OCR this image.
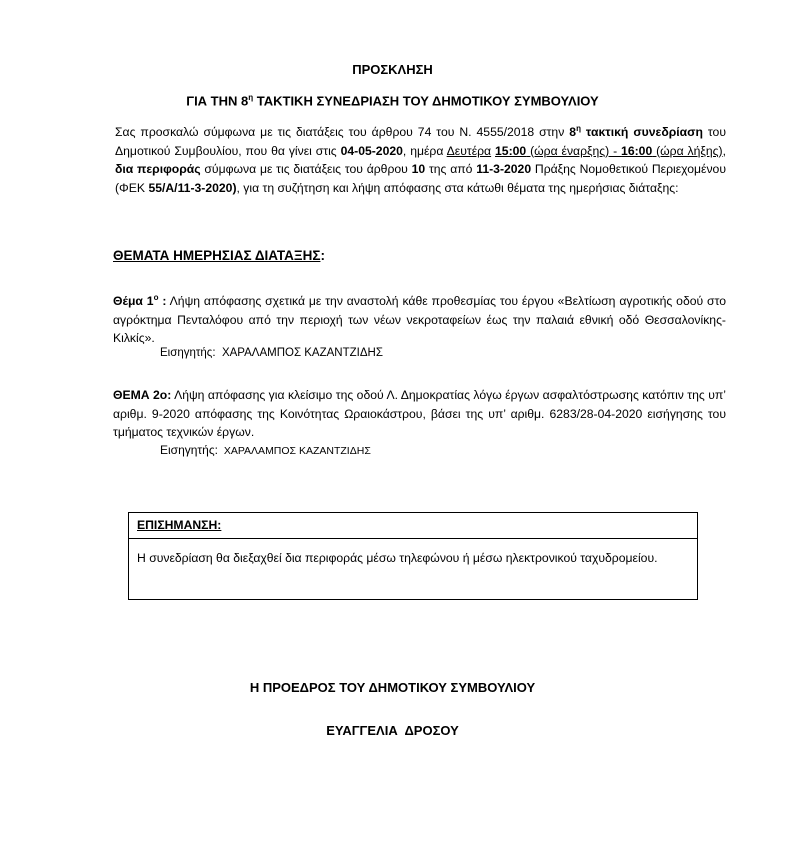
ΠΡΟΣΚΛΗΣΗ
ΓΙΑ ΤΗΝ $8^\eta$ ΤΑΚΤΙΚΗ ΣΥΝΕΔΡΙΑΣΗ ΤΟΥ ΔΗΜΟΤΙΚΟΥ ΣΥΜΒΟΥΛΙΟΥ
Σας προσκαλώ σύμφωνα με τις διατάξεις του άρθρου 74 του Ν. 4555/2018 στην $8^\eta$ τακτική συνεδρίαση του Δημοτικού Συμβουλίου, που θα γίνει στις 04-05-2020, ημέρα Δευτέρα 15:00 (ώρα έναρξης) - 16:00 (ώρα λήξης), δια περιφοράς σύμφωνα με τις διατάξεις του άρθρου 10 της από 11-3-2020 Πράξης Νομοθετικού Περιεχομένου (ΦΕΚ 55/Α/11-3-2020), για τη συζήτηση και λήψη απόφασης στα κάτωθι θέματα της ημερήσιας διάταξης:
ΘΕΜΑΤΑ ΗΜΕΡΗΣΙΑΣ ΔΙΑΤΑΞΗΣ:
Θέμα $1^o$ : Λήψη απόφασης σχετικά με την αναστολή κάθε προθεσμίας του έργου «Βελτίωση αγροτικής οδού στο αγρόκτημα Πενταλόφου από την περιοχή των νέων νεκροταφείων έως την παλαιά εθνική οδό Θεσσαλονίκης-Κιλκίς».
Εισηγητής: ΧΑΡΑΛΑΜΠΟΣ ΚΑΖΑΝΤΖΙΔΗΣ
ΘΕΜΑ 2ο: Λήψη απόφασης για κλείσιμο της οδού Λ. Δημοκρατίας λόγω έργων ασφαλτόστρωσης κατόπιν της υπ’ αριθμ. 9-2020 απόφασης της Κοινότητας Ωραιοκάστρου, βάσει της υπ’ αριθμ. 6283/28-04-2020 εισήγησης του τμήματος τεχνικών έργων.
Εισηγητής: ΧΑΡΑΛΑΜΠΟΣ ΚΑΖΑΝΤΖΙΔΗΣ
ΕΠΙΣΗΜΑΝΣΗ:
Η συνεδρίαση θα διεξαχθεί δια περιφοράς μέσω τηλεφώνου ή μέσω ηλεκτρονικού ταχυδρομείου.
Η ΠΡΟΕΔΡΟΣ ΤΟΥ ΔΗΜΟΤΙΚΟΥ ΣΥΜΒΟΥΛΙΟΥ
ΕΥΑΓΓΕΛΙΑ  ΔΡΟΣΟΥ
